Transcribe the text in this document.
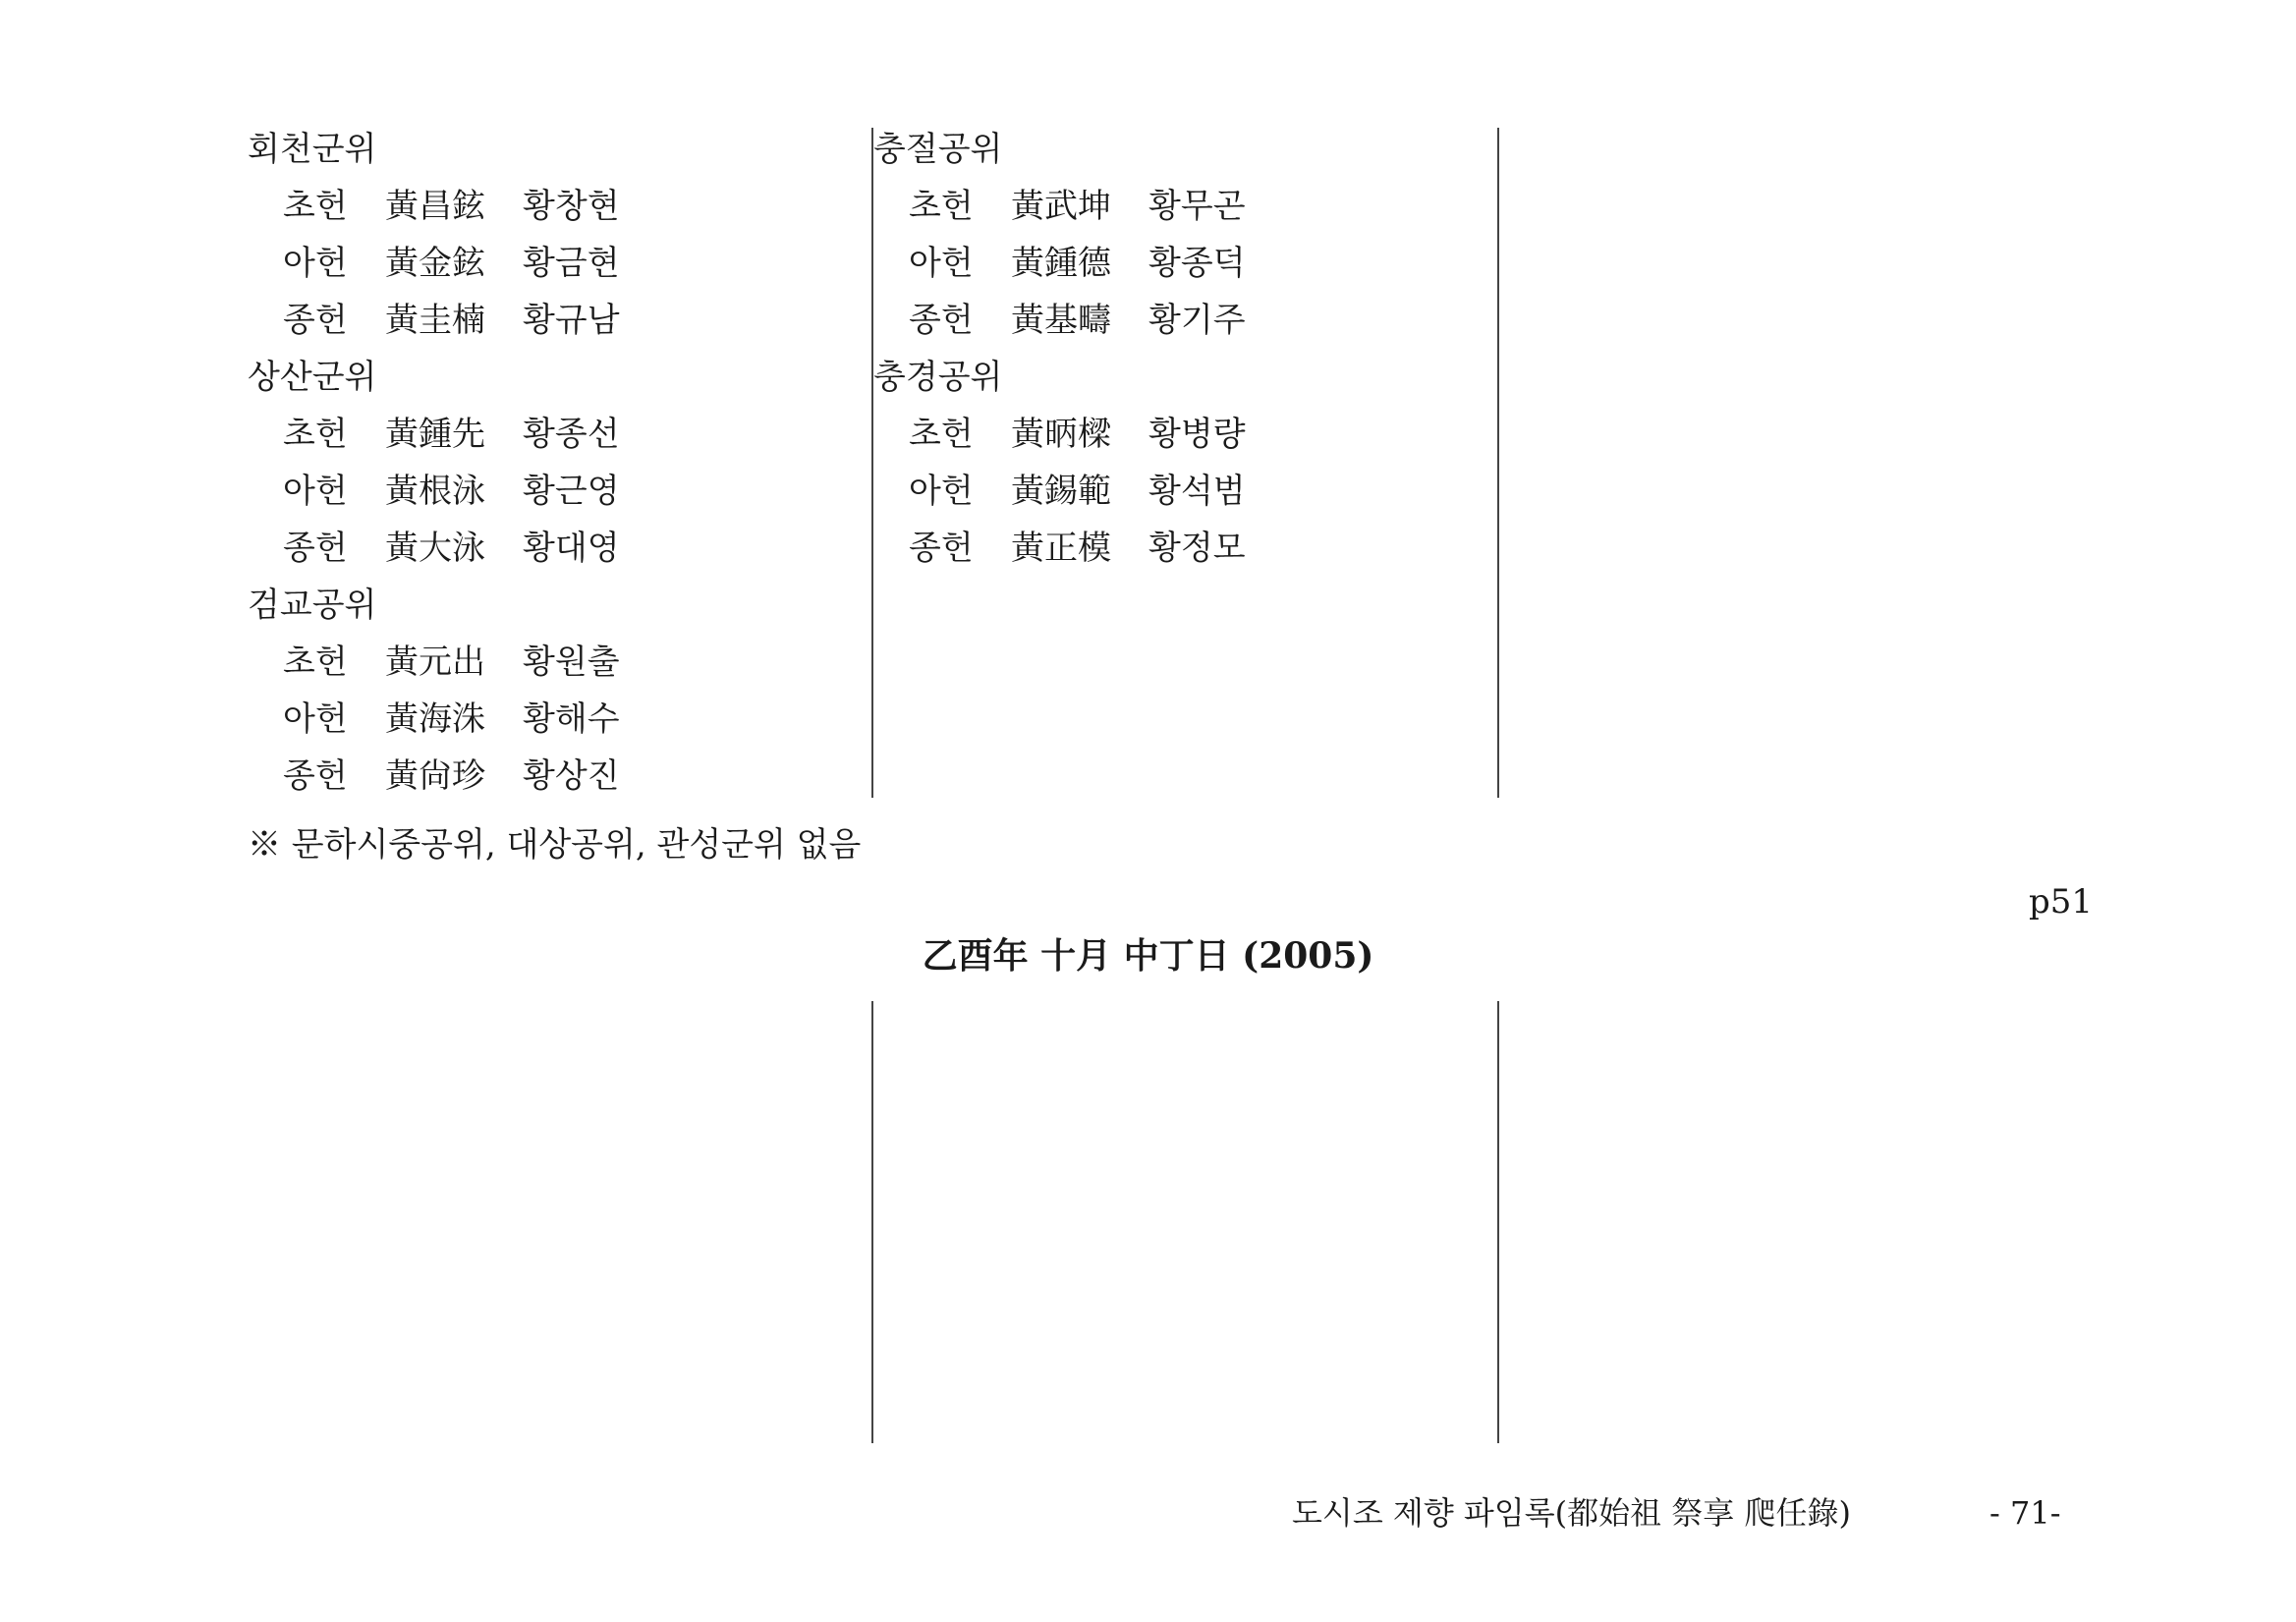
회천군위
초헌 黃昌鉉 황창현
아헌 黃金鉉 황금현
종헌 黃圭楠 황규남
상산군위
초헌 黃鍾先 황종선
아헌 黃根泳 황근영
종헌 黃大泳 황대영
검교공위
초헌 黃元出 황원출
아헌 黃海洙 황해수
종헌 黃尙珍 황상진
충절공위
초헌 黃武坤 황무곤
아헌 黃鍾德 황종덕
종헌 黃基疇 황기주
충경공위
초헌 黃昞樑 황병량
아헌 黃錫範 황석범
종헌 黃正模 황정모
※ 문하시중공위, 대상공위, 관성군위 없음
p51
乙酉年 十月 中丁日 (2005)
도시조 제향 파임록(都始祖 祭享 爬任錄)	- 71-
